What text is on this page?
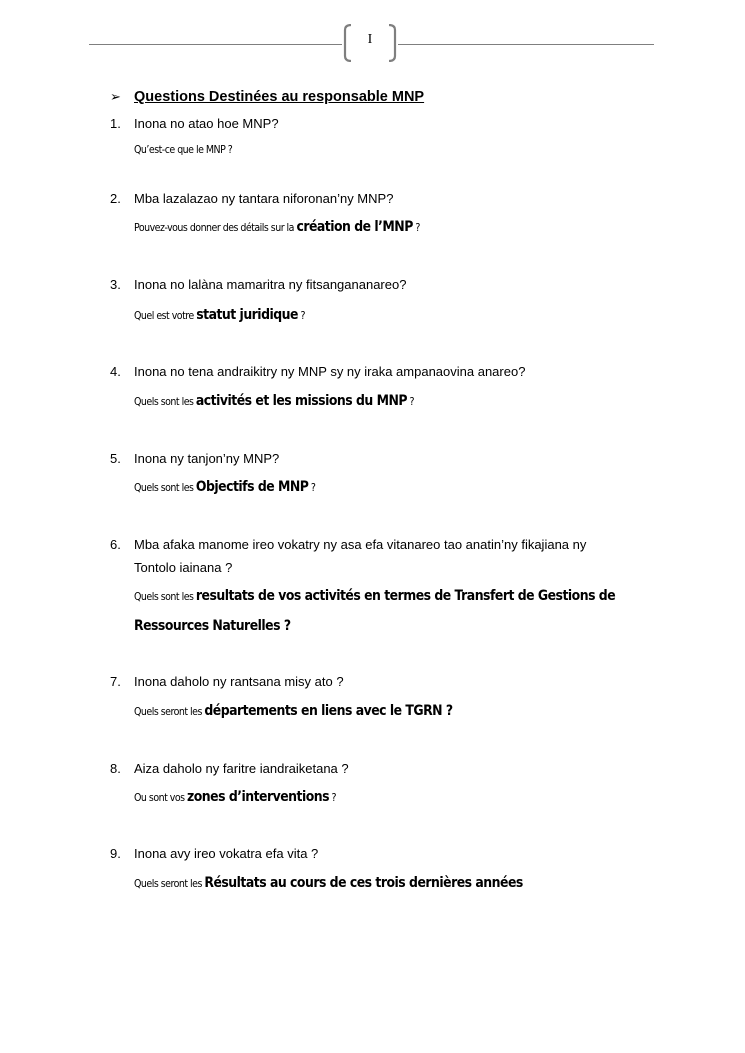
I
➢ Questions Destinées au responsable MNP
1. Inona no atao hoe MNP?
Qu’est-ce que le MNP ?
2. Mba lazalazao ny tantara niforonan’ny MNP?
Pouvez-vous donner des détails sur la création de l’MNP ?
3. Inona no lalàna mamaritra ny fitsangananareo?
Quel est votre statut juridique ?
4. Inona no tena andraikitry ny MNP sy ny iraka ampanaovina anareo?
Quels sont les activités et les missions du MNP ?
5. Inona ny tanjon’ny MNP?
Quels sont les Objectifs de MNP ?
6. Mba afaka manome ireo vokatry ny asa efa vitanareo tao anatin’ny fikajiana ny Tontolo iainana ?
Quels sont les resultats de vos activités en termes de Transfert de Gestions de
Ressources Naturelles ?
7. Inona daholo ny rantsana misy ato ?
Quels seront les départements en liens avec le TGRN ?
8. Aiza daholo ny faritre iandraiketana ?
Ou sont vos zones d’interventions ?
9. Inona avy ireo vokatra efa vita ?
Quels seront les Résultats au cours de ces trois dernières années
